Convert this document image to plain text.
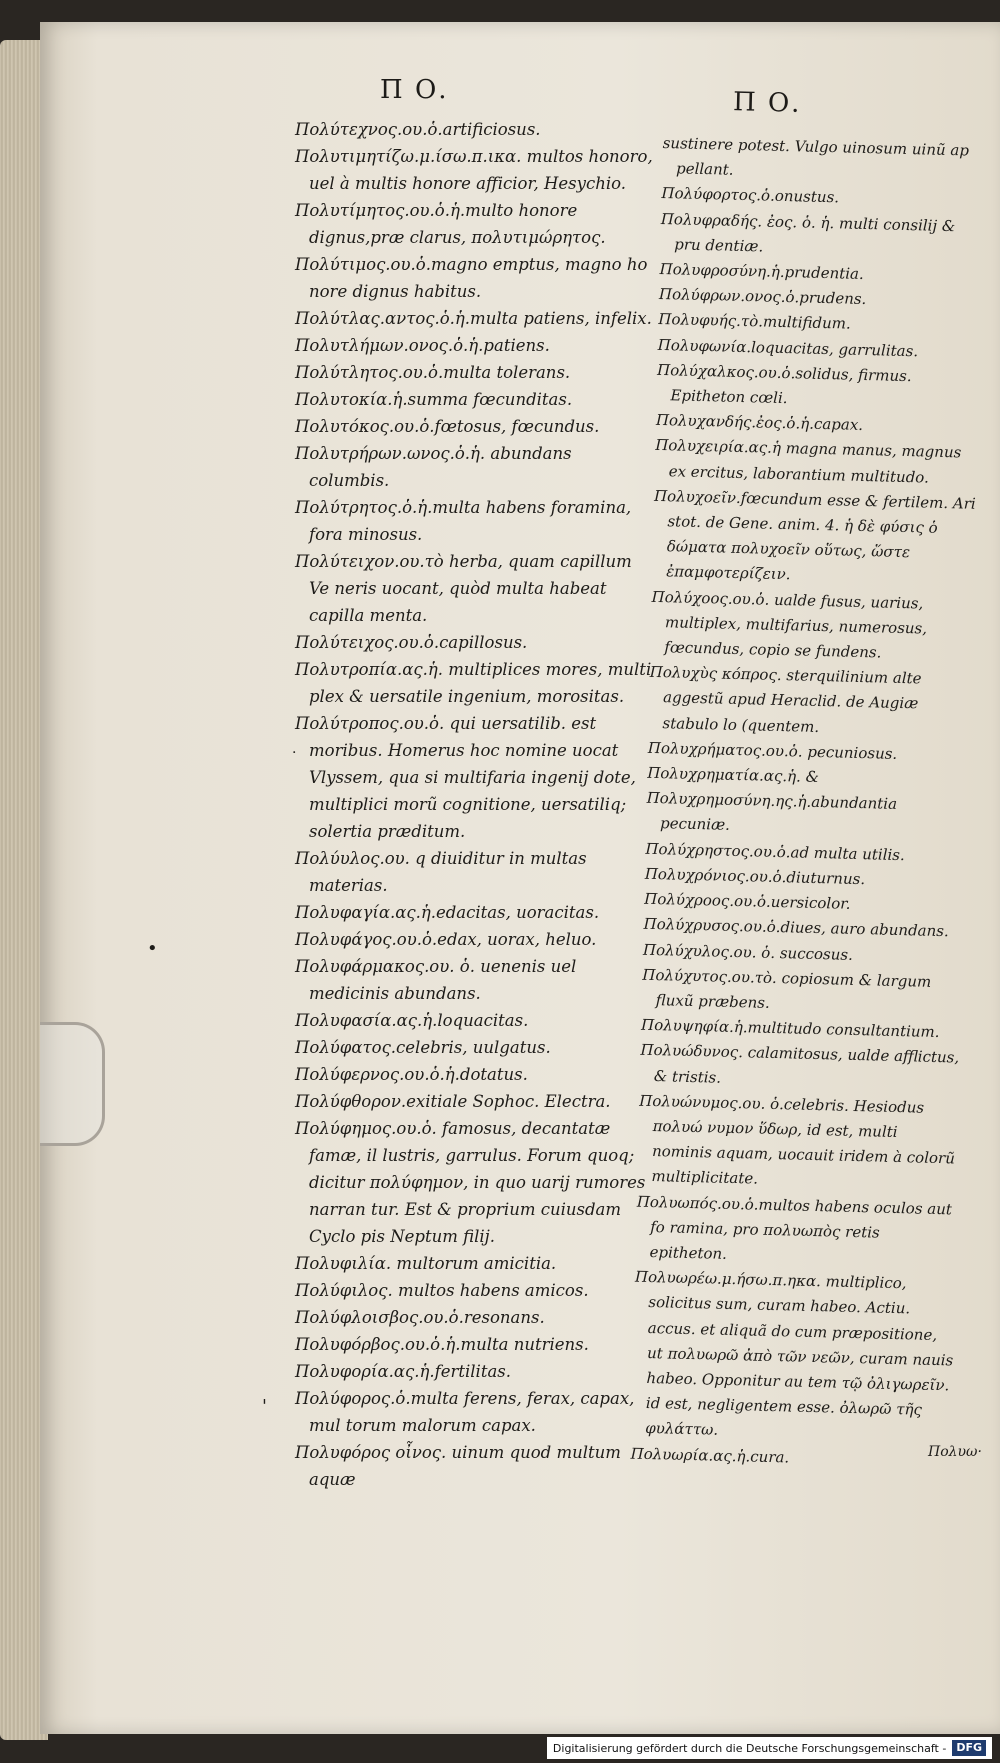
Π Ο.	Π Ο.

Πολύτεχνος.ου.ὁ.artificiosus.

Πολυτιμητίζω.μ.ίσω.π.ικα. multos honoro, uel à multis honore afficior, Hesychio.

Πολυτίμητος.ου.ὁ.ἡ.multo honore dignus,præ clarus, πολυτιμώρητος.

Πολύτιμος.ου.ὁ.magno emptus, magno ho nore dignus habitus.

Πολύτλας.αντος.ὁ.ἡ.multa patiens, infelix.

Πολυτλήμων.ονος.ὁ.ἡ.patiens.

Πολύτλητος.ου.ὁ.multa tolerans.

Πολυτοκία.ἡ.summa fœcunditas.

Πολυτόκος.ου.ὁ.fœtosus, fœcundus.

Πολυτρήρων.ωνος.ὁ.ἡ. abundans columbis.

Πολύτρητος.ὁ.ἡ.multa habens foramina, fora minosus.

Πολύτειχον.ου.τὸ herba, quam capillum Ve neris uocant, quòd multa habeat capilla menta.

Πολύτειχος.ου.ὁ.capillosus.

Πολυτροπία.ας.ἡ. multiplices mores, multi plex & uersatile ingenium, morositas.

Πολύτροπος.ου.ὁ. qui uersatilib. est moribus. Homerus hoc nomine uocat Vlyssem, qua si multifaria ingenij dote, multiplici morũ cognitione, uersatiliq; solertia præditum.

Πολύυλος.ου. q diuiditur in multas materias.

Πολυφαγία.ας.ἡ.edacitas, uoracitas.

Πολυφάγος.ου.ὁ.edax, uorax, heluo.

Πολυφάρμακος.ου. ὁ. uenenis uel medicinis abundans.

Πολυφασία.ας.ἡ.loquacitas.

Πολύφατος.celebris, uulgatus.

Πολύφερνος.ου.ὁ.ἡ.dotatus.

Πολύφθορον.exitiale Sophoc. Electra.

Πολύφημος.ου.ὁ. famosus, decantatæ famæ, il lustris, garrulus. Forum quoq; dicitur πολύφημον, in quo uarij rumores narran tur. Est & proprium cuiusdam Cyclo pis Neptum filij.

Πολυφιλία. multorum amicitia.

Πολύφιλος. multos habens amicos.

Πολύφλοισβος.ου.ὁ.resonans.

Πολυφόρβος.ου.ὁ.ἡ.multa nutriens.

Πολυφορία.ας.ἡ.fertilitas.

Πολύφορος.ὁ.multa ferens, ferax, capax, mul torum malorum capax.

Πολυφόρος οἶνος. uinum quod multum aquæ

sustinere potest. Vulgo uinosum uinũ ap pellant.

Πολύφορτος.ὁ.onustus.

Πολυφραδής. ἐος. ὁ. ἡ. multi consilij & pru dentiæ.

Πολυφροσύνη.ἡ.prudentia.

Πολύφρων.ονος.ὁ.prudens.

Πολυφυής.τὸ.multifidum.

Πολυφωνία.loquacitas, garrulitas.

Πολύχαλκος.ου.ὁ.solidus, firmus. Epitheton cœli.

Πολυχανδής.ἐος.ὁ.ἡ.capax.

Πολυχειρία.ας.ἡ magna manus, magnus ex ercitus, laborantium multitudo.

Πολυχοεῖν.fœcundum esse & fertilem. Ari stot. de Gene. anim. 4. ἡ δὲ φύσις ὁ δώματα πολυχοεῖν οὕτως, ὥστε ἐπαμφοτερίζειν.

Πολύχοος.ου.ὁ. ualde fusus, uarius, multiplex, multifarius, numerosus, fœcundus, copio se fundens.

Πολυχὺς κόπρος. sterquilinium alte aggestũ apud Heraclid. de Augiæ stabulo lo (quentem.

Πολυχρήματος.ου.ὁ. pecuniosus.

Πολυχρηματία.ας.ἡ. &

Πολυχρημοσύνη.ης.ἡ.abundantia pecuniæ.

Πολύχρηστος.ου.ὁ.ad multa utilis.

Πολυχρόνιος.ου.ὁ.diuturnus.

Πολύχροος.ου.ὁ.uersicolor.

Πολύχρυσος.ου.ὁ.diues, auro abundans.

Πολύχυλος.ου. ὁ. succosus.

Πολύχυτος.ου.τὸ. copiosum & largum fluxũ præbens.

Πολυψηφία.ἡ.multitudo consultantium.

Πολυώδυνος. calamitosus, ualde afflictus, & tristis.

Πολυώνυμος.ου. ὁ.celebris. Hesiodus πολυώ νυμον ὕδωρ, id est, multi nominis aquam, uocauit iridem à colorũ multiplicitate.

Πολυωπός.ου.ὁ.multos habens oculos aut fo ramina, pro πολυωπὸς retis epitheton.

Πολυωρέω.μ.ήσω.π.ηκα. multiplico, solicitus sum, curam habeo. Actiu. accus. et aliquã do cum præpositione, ut πολυωρῶ ἀπὸ τῶν νεῶν, curam nauis habeo. Opponitur au tem τῷ ὀλιγωρεῖν. id est, negligentem esse. ὀλωρῶ τῆς φυλάττω.

Πολυωρία.ας.ἡ.cura.

•
'
·
Πολυω·
Digitalisierung gefördert durch die Deutsche Forschungsgemeinschaft - DFG
